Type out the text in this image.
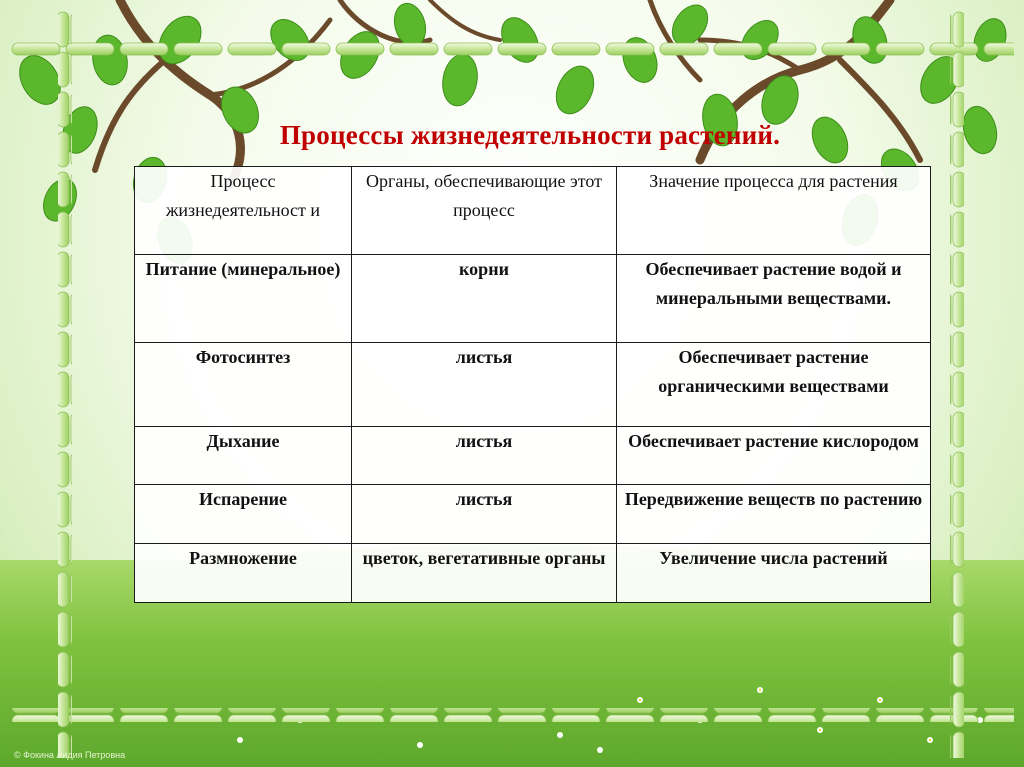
Процессы жизнедеятельности растений.
Процесс жизнедеятельност и	Органы, обеспечивающие этот процесс	Значение процесса для растения
Питание (минеральное)	корни	Обеспечивает растение водой и минеральными веществами.
Фотосинтез	листья	Обеспечивает растение органическими веществами
Дыхание	листья	Обеспечивает растение кислородом
Испарение	листья	Передвижение веществ по растению
Размножение	цветок, вегетативные органы	Увеличение числа растений
© Фокина Лидия Петровна
